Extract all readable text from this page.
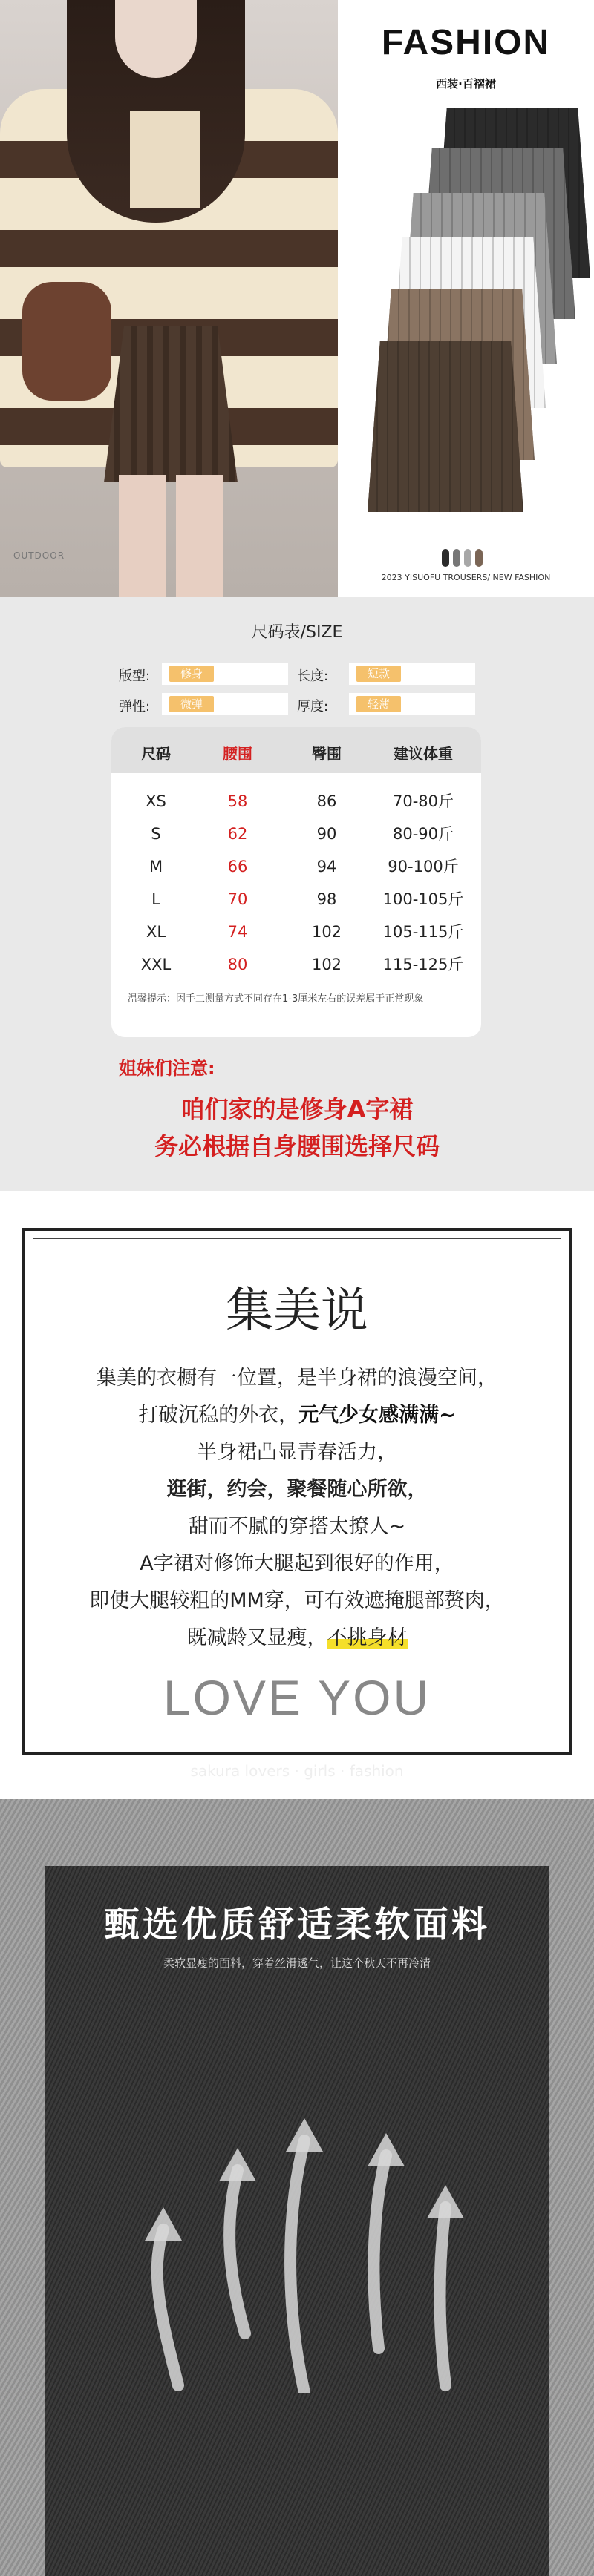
OUTDOOR
FASHION
西装·百褶裙
2023 YISUOFU TROUSERS/ NEW FASHION
尺码表/SIZE
版型:	修身	长度:	短款
弹性:	微弹	厚度:	轻薄
尺码	腰围	臀围	建议体重
XS	58	86	70-80斤
S	62	90	80-90斤
M	66	94	90-100斤
L	70	98	100-105斤
XL	74	102	105-115斤
XXL	80	102	115-125斤
温馨提示：因手工测量方式不同存在1-3厘米左右的误差属于正常现象
姐妹们注意:
咱们家的是修身A字裙
务必根据自身腰围选择尺码
集美说
集美的衣橱有一位置，是半身裙的浪漫空间，
打破沉稳的外衣，元气少女感满满~
半身裙凸显青春活力，
逛街，约会，聚餐随心所欲，
甜而不腻的穿搭太撩人~
A字裙对修饰大腿起到很好的作用，
即使大腿较粗的MM穿，可有效遮掩腿部赘肉，
既减龄又显瘦，不挑身材
LOVE YOU
sakura lovers · girls · fashion
甄选优质舒适柔软面料
柔软显瘦的面料，穿着丝滑透气，让这个秋天不再冷清
